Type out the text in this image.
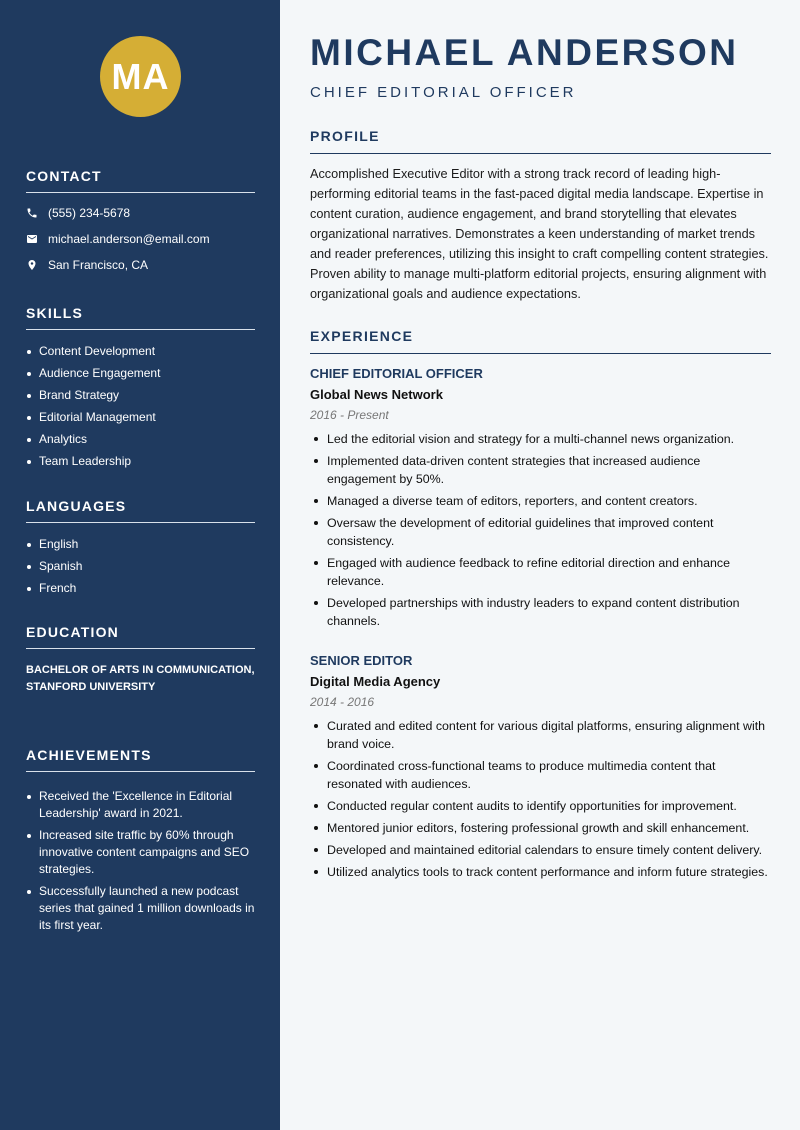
MA
CONTACT
(555) 234-5678
michael.anderson@email.com
San Francisco, CA
SKILLS
Content Development
Audience Engagement
Brand Strategy
Editorial Management
Analytics
Team Leadership
LANGUAGES
English
Spanish
French
EDUCATION
BACHELOR OF ARTS IN COMMUNICATION, STANFORD UNIVERSITY
ACHIEVEMENTS
Received the 'Excellence in Editorial Leadership' award in 2021.
Increased site traffic by 60% through innovative content campaigns and SEO strategies.
Successfully launched a new podcast series that gained 1 million downloads in its first year.
MICHAEL ANDERSON
CHIEF EDITORIAL OFFICER
PROFILE

Accomplished Executive Editor with a strong track record of leading high-performing editorial teams in the fast-paced digital media landscape. Expertise in content curation, audience engagement, and brand storytelling that elevates organizational narratives. Demonstrates a keen understanding of market trends and reader preferences, utilizing this insight to craft compelling content strategies. Proven ability to manage multi-platform editorial projects, ensuring alignment with organizational goals and audience expectations.

EXPERIENCE
CHIEF EDITORIAL OFFICER
Global News Network
2016 - Present
Led the editorial vision and strategy for a multi-channel news organization.
Implemented data-driven content strategies that increased audience engagement by 50%.
Managed a diverse team of editors, reporters, and content creators.
Oversaw the development of editorial guidelines that improved content consistency.
Engaged with audience feedback to refine editorial direction and enhance relevance.
Developed partnerships with industry leaders to expand content distribution channels.
SENIOR EDITOR
Digital Media Agency
2014 - 2016
Curated and edited content for various digital platforms, ensuring alignment with brand voice.
Coordinated cross-functional teams to produce multimedia content that resonated with audiences.
Conducted regular content audits to identify opportunities for improvement.
Mentored junior editors, fostering professional growth and skill enhancement.
Developed and maintained editorial calendars to ensure timely content delivery.
Utilized analytics tools to track content performance and inform future strategies.
